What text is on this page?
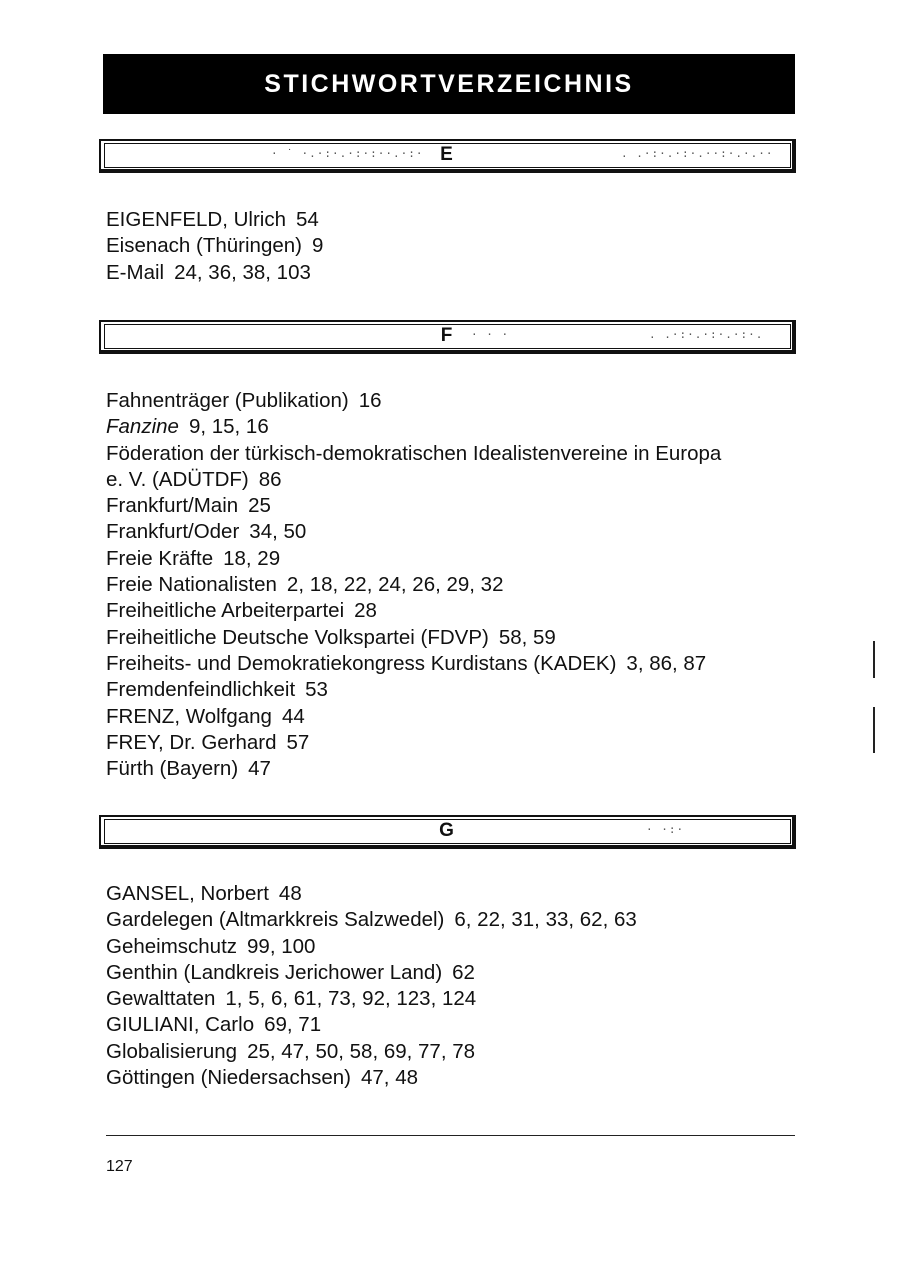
STICHWORTVERZEICHNIS
E
· ˙ ·.·:·.·:·:··.·:·	. .·:·.·:·.··:·.·.··
EIGENFELD, Ulrich 54
Eisenach (Thüringen) 9
E-Mail 24, 36, 38, 103
F	· · ·	. .·:·.·:·.·:·.
Fahnenträger (Publikation) 16
Fanzine 9, 15, 16
Föderation der türkisch-demokratischen Idealistenvereine in Europa
e. V. (ADÜTDF) 86
Frankfurt/Main 25
Frankfurt/Oder 34, 50
Freie Kräfte 18, 29
Freie Nationalisten 2, 18, 22, 24, 26, 29, 32
Freiheitliche Arbeiterpartei 28
Freiheitliche Deutsche Volkspartei (FDVP) 58, 59
Freiheits- und Demokratiekongress Kurdistans (KADEK) 3, 86, 87
Fremdenfeindlichkeit 53
FRENZ, Wolfgang 44
FREY, Dr. Gerhard 57
Fürth (Bayern) 47
G	· ·:·
GANSEL, Norbert 48
Gardelegen (Altmarkkreis Salzwedel) 6, 22, 31, 33, 62, 63
Geheimschutz 99, 100
Genthin (Landkreis Jerichower Land) 62
Gewalttaten 1, 5, 6, 61, 73, 92, 123, 124
GIULIANI, Carlo 69, 71
Globalisierung 25, 47, 50, 58, 69, 77, 78
Göttingen (Niedersachsen) 47, 48
127
